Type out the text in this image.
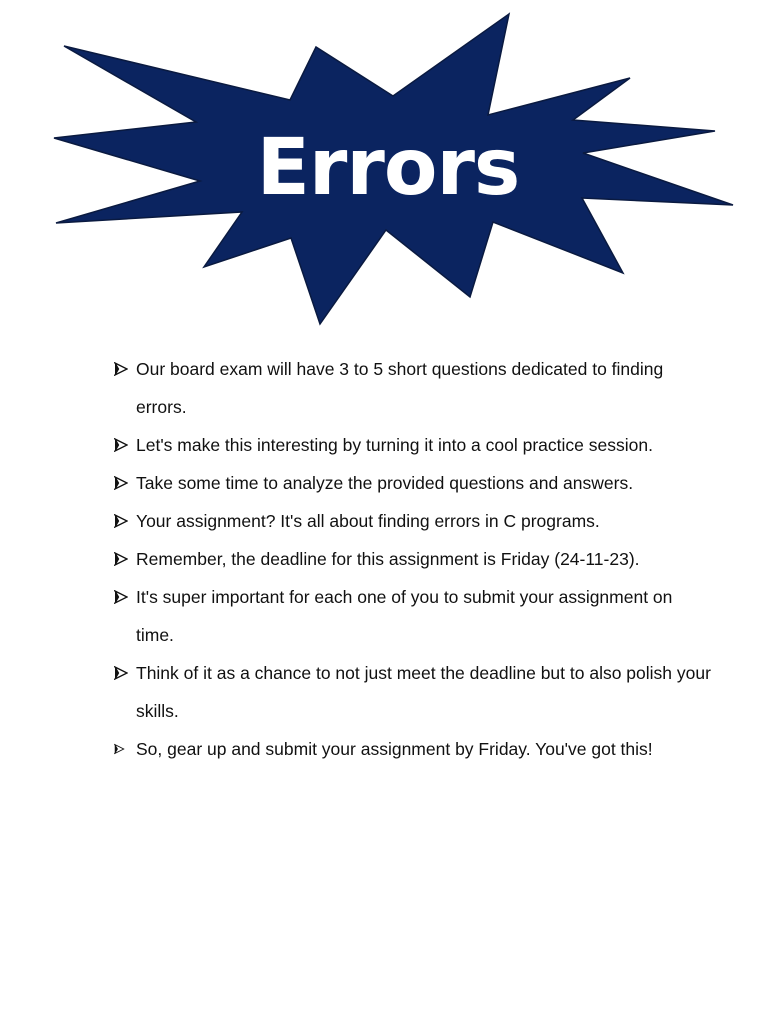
Errors
Our board exam will have 3 to 5 short questions dedicated to finding errors.
Let's make this interesting by turning it into a cool practice session.
Take some time to analyze the provided questions and answers.
Your assignment? It's all about finding errors in C programs.
Remember, the deadline for this assignment is Friday (24-11-23).
It's super important for each one of you to submit your assignment on time.
Think of it as a chance to not just meet the deadline but to also polish your skills.
So, gear up and submit your assignment by Friday. You've got this!
